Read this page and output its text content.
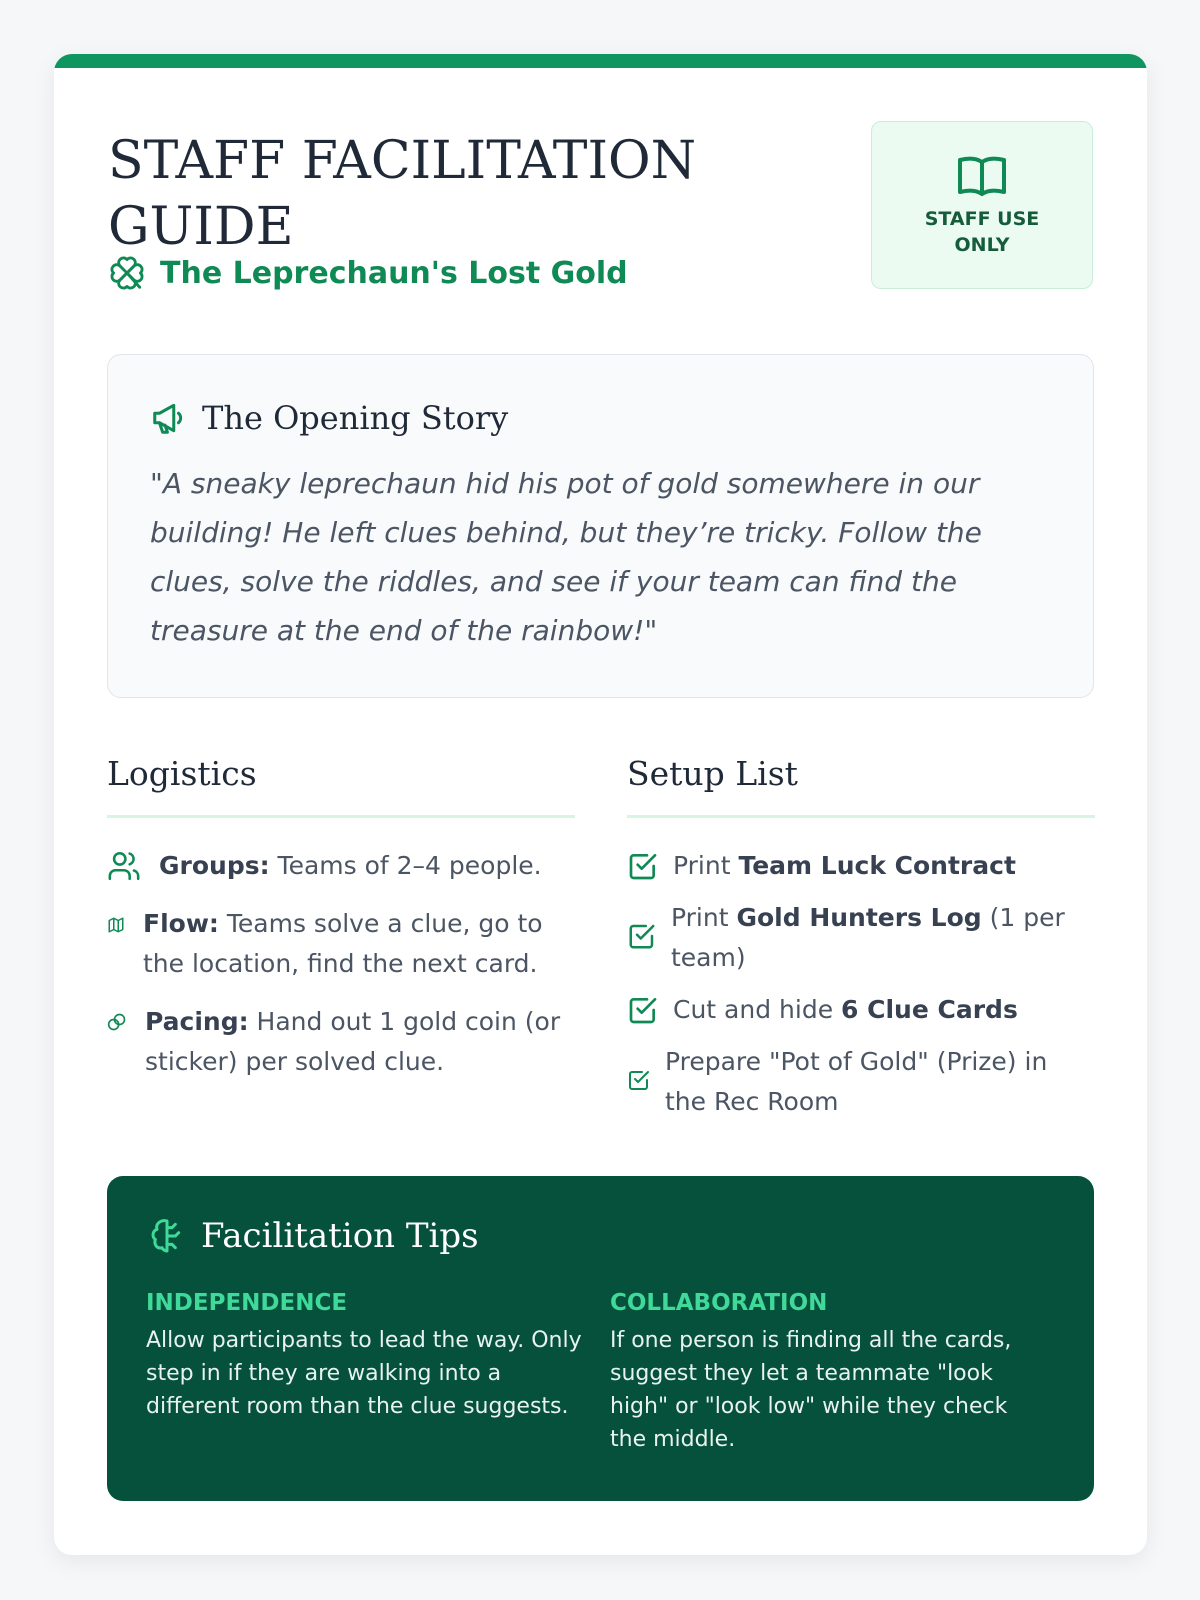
STAFF FACILITATION
GUIDE
The Leprechaun's Lost Gold
STAFF USE ONLY
The Opening Story

"A sneaky leprechaun hid his pot of gold somewhere in our building! He left clues behind, but they’re tricky. Follow the clues, solve the riddles, and see if your team can find the treasure at the end of the rainbow!"

Logistics
Groups: Teams of 2–4 people.
Flow: Teams solve a clue, go to the location, find the next card.
Pacing: Hand out 1 gold coin (or sticker) per solved clue.
Setup List
Print Team Luck Contract
Print Gold Hunters Log (1 per team)
Cut and hide 6 Clue Cards
Prepare "Pot of Gold" (Prize) in the Rec Room
Facilitation Tips
INDEPENDENCE
Allow participants to lead the way. Only step in if they are walking into a different room than the clue suggests.
COLLABORATION
If one person is finding all the cards, suggest they let a teammate "look high" or "look low" while they check the middle.
